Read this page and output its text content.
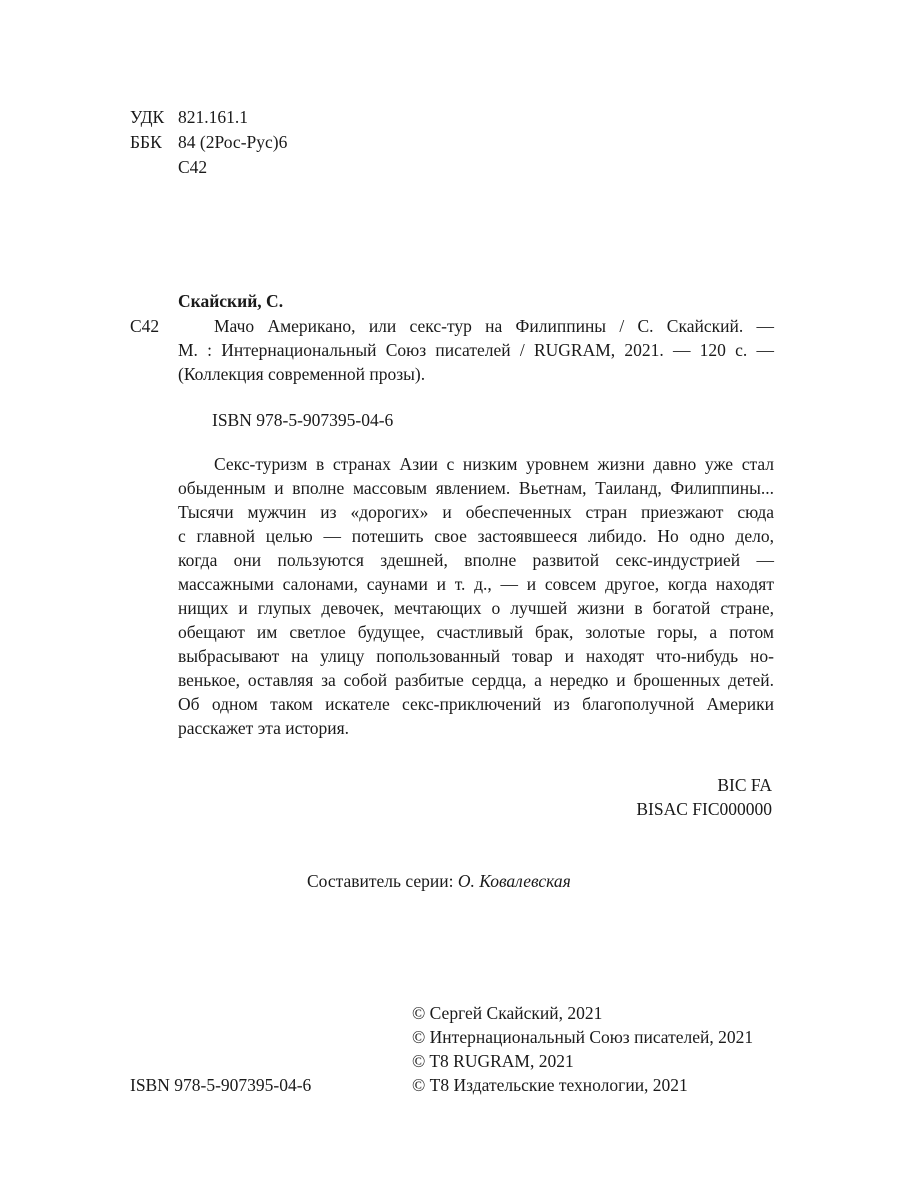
УДК 821.161.1
ББК 84 (2Рос-Рус)6
С42
Скайский, С.
С42	Мачо Американо, или секс-тур на Филиппины / С. Скайский. —
М. : Интернациональный Союз писателей / RUGRAM, 2021. — 120 с. —
(Коллекция современной прозы).
ISBN 978-5-907395-04-6
Секс-туризм в странах Азии с низким уровнем жизни давно уже стал
обыденным и вполне массовым явлением. Вьетнам, Таиланд, Филиппины...
Тысячи мужчин из «дорогих» и обеспеченных стран приезжают сюда
с главной целью — потешить свое застоявшееся либидо. Но одно дело,
когда они пользуются здешней, вполне развитой секс-индустрией —
массажными салонами, саунами и т. д., — и совсем другое, когда находят
нищих и глупых девочек, мечтающих о лучшей жизни в богатой стране,
обещают им светлое будущее, счастливый брак, золотые горы, а потом
выбрасывают на улицу попользованный товар и находят что-нибудь но-
венькое, оставляя за собой разбитые сердца, а нередко и брошенных детей.
Об одном таком искателе секс-приключений из благополучной Америки
расскажет эта история.
BIC FA
BISAC FIC000000
Составитель серии: О. Ковалевская
ISBN 978-5-907395-04-6
© Сергей Скайский, 2021
© Интернациональный Союз писателей, 2021
© T8 RUGRAM, 2021
© Т8 Издательские технологии, 2021
